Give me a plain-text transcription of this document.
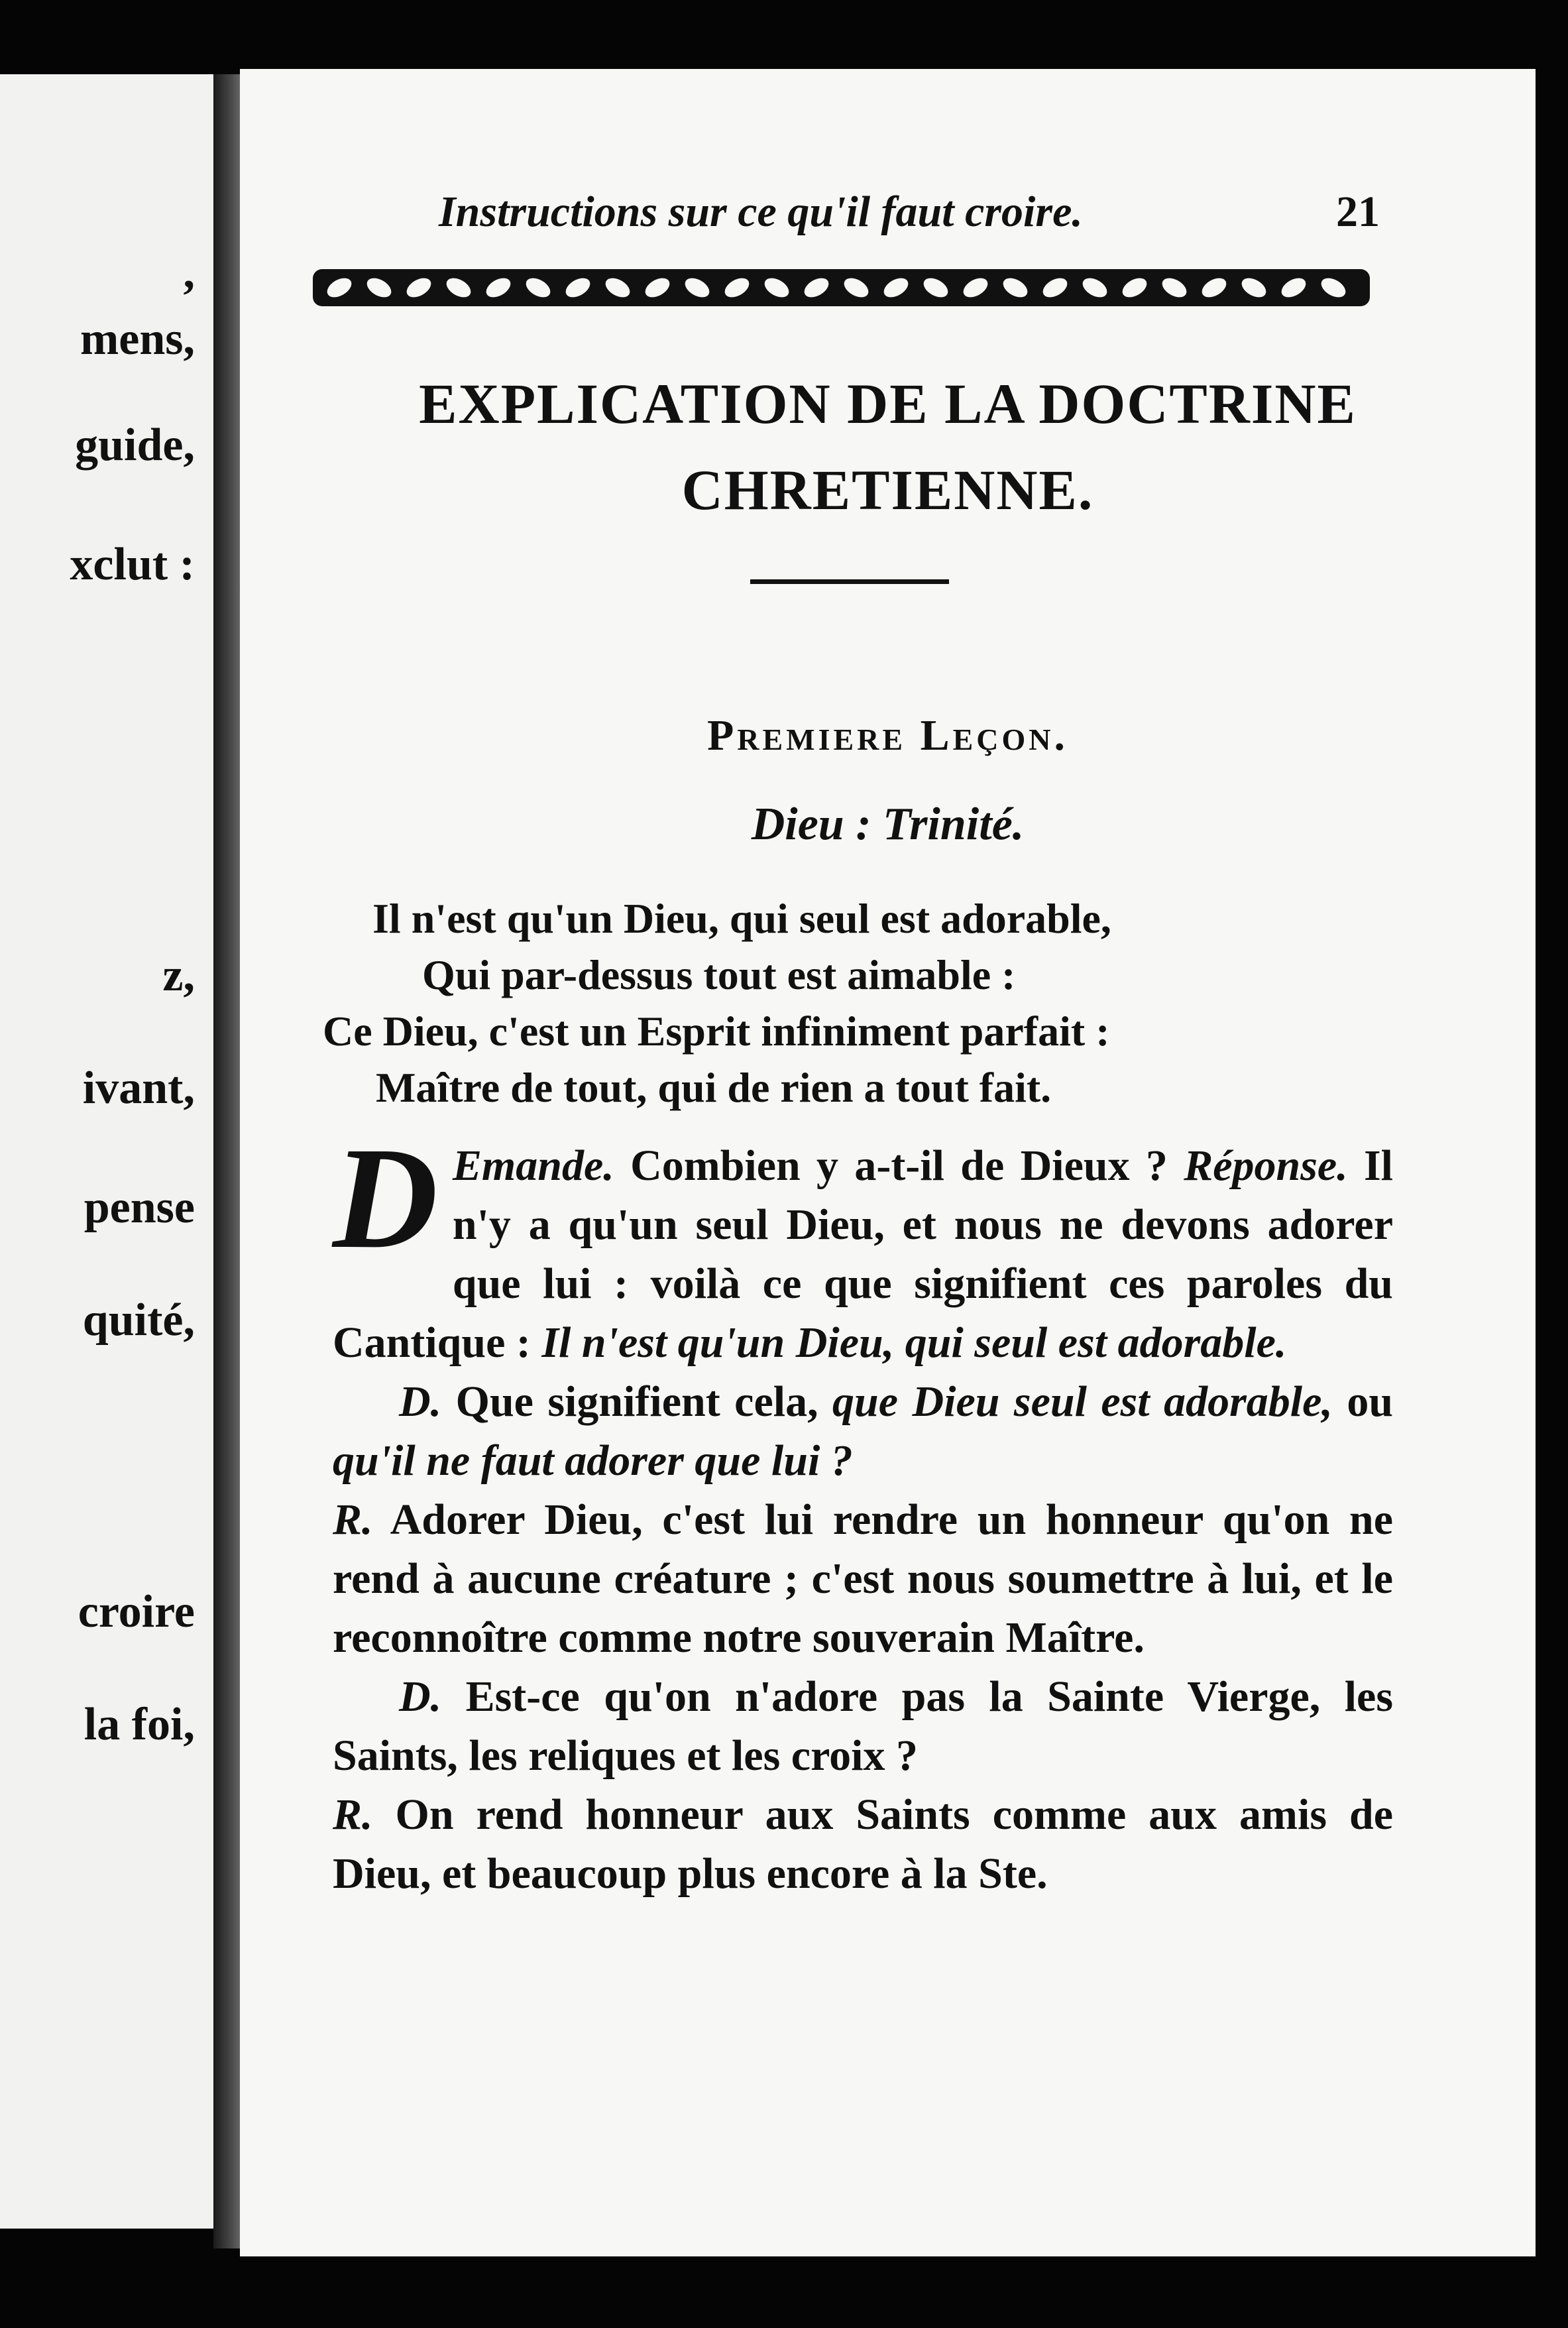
,
mens,
guide,
xclut :
z,
ivant,
pense
quité,
croire
la foi,
Instructions sur ce qu'il faut croire.	21
EXPLICATION DE LA DOCTRINE
CHRETIENNE.
Premiere Leçon.
Dieu : Trinité.
Il n'est qu'un Dieu, qui seul est adorable,
Qui par-dessus tout est aimable :
Ce Dieu, c'est un Esprit infiniment parfait :
Maître de tout, qui de rien a tout fait.

D Emande. Combien y a-t-il de Dieux ? Réponse. Il n'y a qu'un seul Dieu, et nous ne devons adorer que lui : voilà ce que signifient ces paroles du Cantique : Il n'est qu'un Dieu, qui seul est adorable.

D. Que signifient cela, que Dieu seul est adorable, ou qu'il ne faut adorer que lui ?
R. Adorer Dieu, c'est lui rendre un honneur qu'on ne rend à aucune créature ; c'est nous soumettre à lui, et le reconnoître comme notre souverain Maître.

D. Est-ce qu'on n'adore pas la Sainte Vierge, les Saints, les reliques et les croix ?
R. On rend honneur aux Saints comme aux amis de Dieu, et beaucoup plus encore à la Ste.
